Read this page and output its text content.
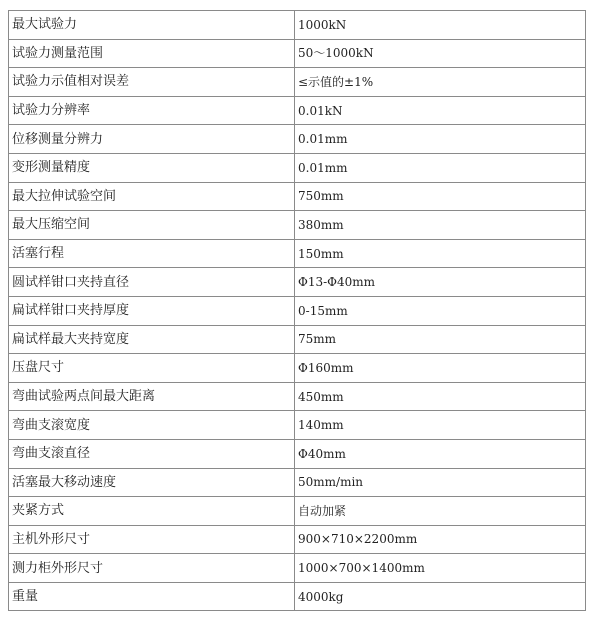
最大试验力	1000kN
试验力测量范围	50～1000kN
试验力示值相对误差	≤示值的±1%
试验力分辨率	0.01kN
位移测量分辨力	0.01mm
变形测量精度	0.01mm
最大拉伸试验空间	750mm
最大压缩空间	380mm
活塞行程	150mm
圆试样钳口夹持直径	Φ13-Φ40mm
扁试样钳口夹持厚度	0-15mm
扁试样最大夹持宽度	75mm
压盘尺寸	Φ160mm
弯曲试验两点间最大距离	450mm
弯曲支滚宽度	140mm
弯曲支滚直径	Φ40mm
活塞最大移动速度	50mm/min
夹紧方式	自动加紧
主机外形尺寸	900×710×2200mm
测力柜外形尺寸	1000×700×1400mm
重量	4000kg
